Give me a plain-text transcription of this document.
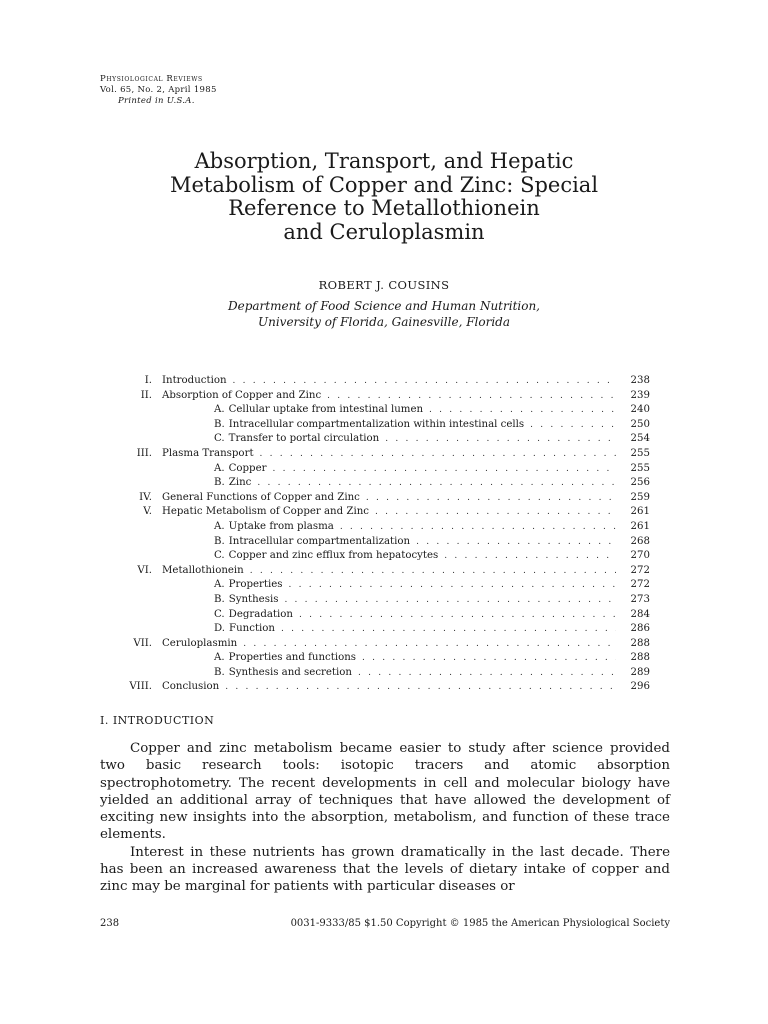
Physiological Reviews
Vol. 65, No. 2, April 1985
Printed in U.S.A.
Absorption, Transport, and Hepatic
Metabolism of Copper and Zinc: Special
Reference to Metallothionein
and Ceruloplasmin
ROBERT J. COUSINS
Department of Food Science and Human Nutrition,
University of Florida, Gainesville, Florida
I. Introduction . . .	238
II. Absorption of Copper and Zinc . . .	239
A. Cellular uptake from intestinal lumen . . .	240
B. Intracellular compartmentalization within intestinal cells . . .	250
C. Transfer to portal circulation . . .	254
III. Plasma Transport . . .	255
A. Copper . . .	255
B. Zinc . . .	256
IV. General Functions of Copper and Zinc . . .	259
V. Hepatic Metabolism of Copper and Zinc . . .	261
A. Uptake from plasma . . .	261
B. Intracellular compartmentalization . . .	268
C. Copper and zinc efflux from hepatocytes . . .	270
VI. Metallothionein . . .	272
A. Properties . . .	272
B. Synthesis . . .	273
C. Degradation . . .	284
D. Function . . .	286
VII. Ceruloplasmin . . .	288
A. Properties and functions . . .	288
B. Synthesis and secretion . . .	289
VIII. Conclusion . . .	296
I. INTRODUCTION

Copper and zinc metabolism became easier to study after science provided two basic research tools: isotopic tracers and atomic absorption spectrophotometry. The recent developments in cell and molecular biology have yielded an additional array of techniques that have allowed the development of exciting new insights into the absorption, metabolism, and function of these trace elements.

Interest in these nutrients has grown dramatically in the last decade. There has been an increased awareness that the levels of dietary intake of copper and zinc may be marginal for patients with particular diseases or

238	0031-9333/85 $1.50 Copyright © 1985 the American Physiological Society
